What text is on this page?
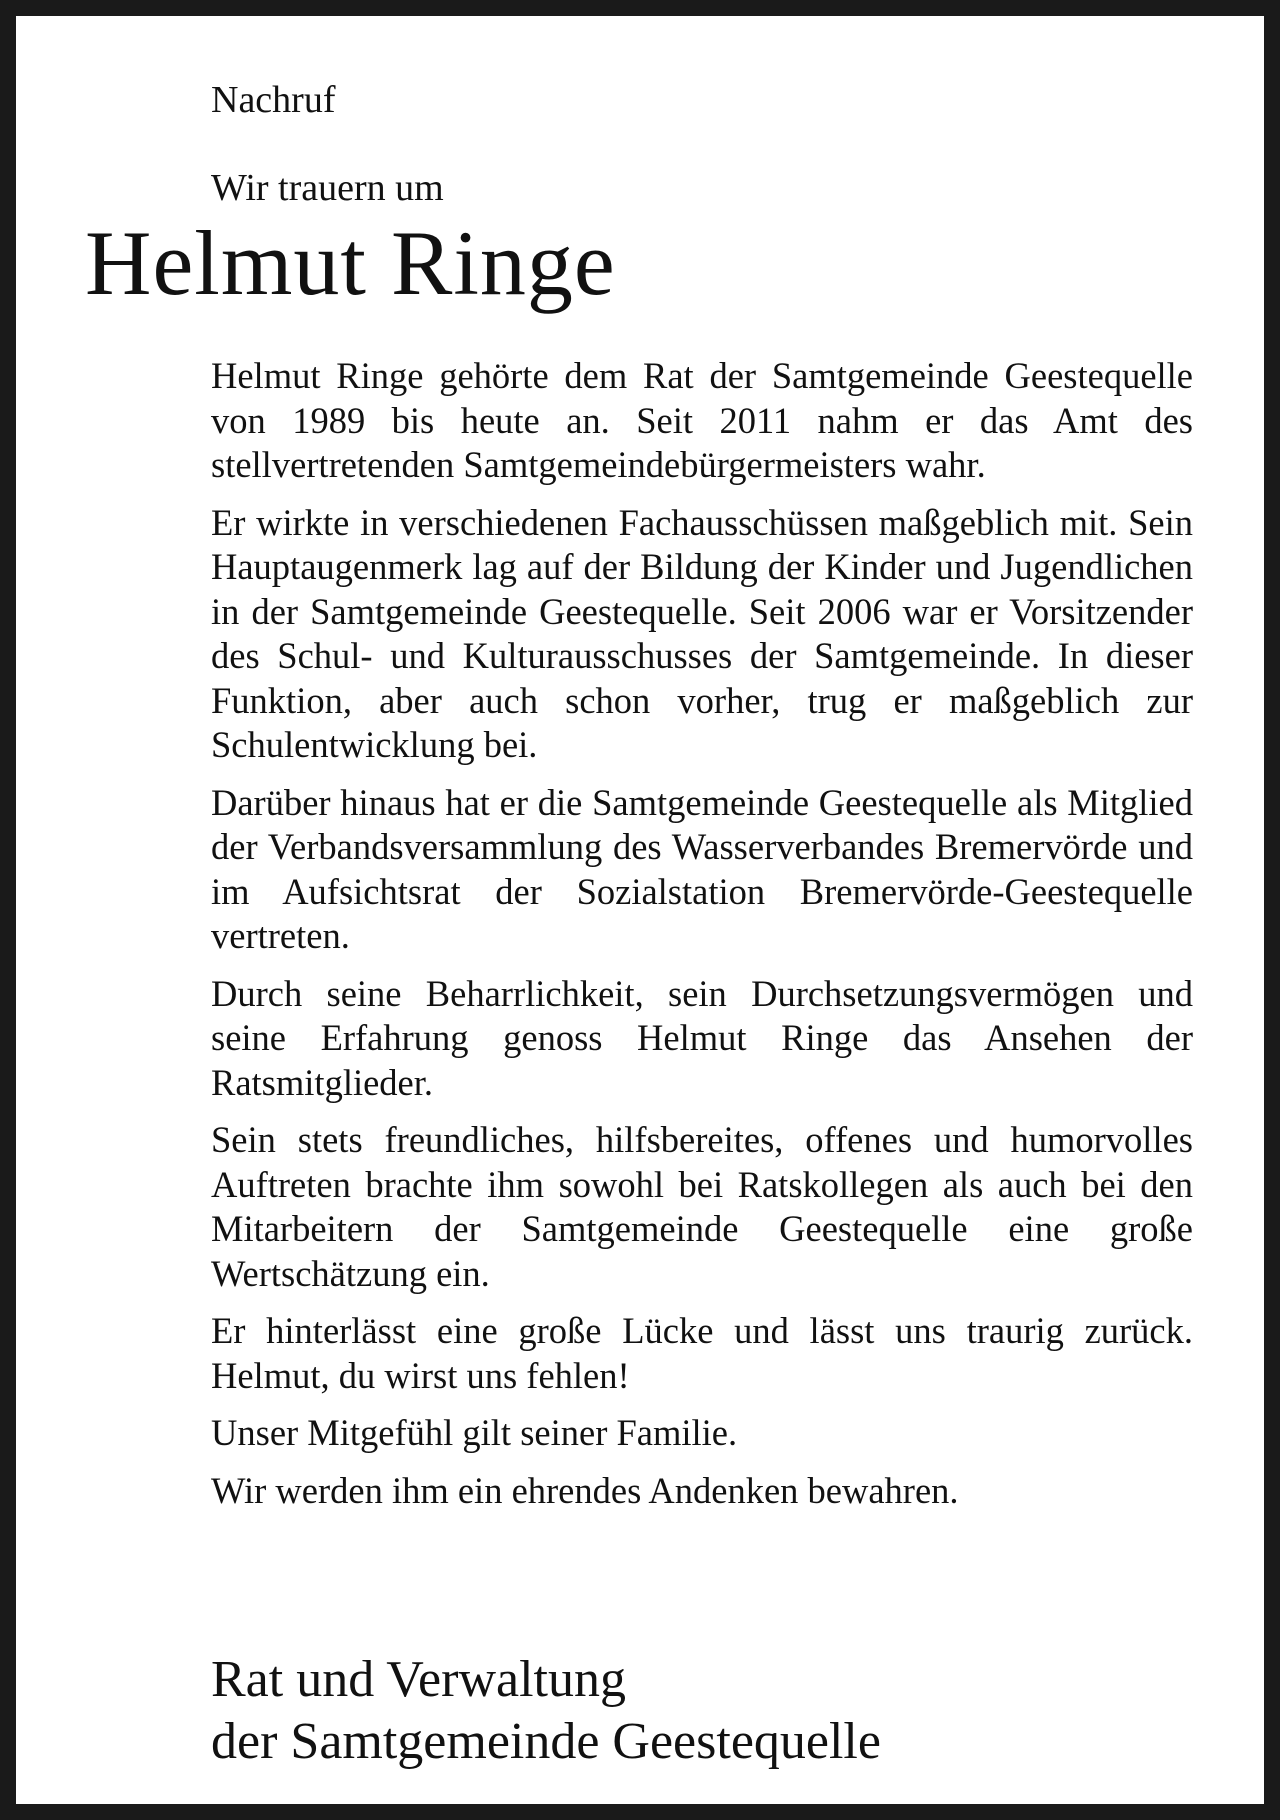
Nachruf
Wir trauern um
Helmut Ringe

Helmut Ringe gehörte dem Rat der Samtgemeinde Geestequelle von 1989 bis heute an. Seit 2011 nahm er das Amt des stellvertretenden Samtgemeindebürgermeisters wahr.

Er wirkte in verschiedenen Fachausschüssen maßgeblich mit. Sein Hauptaugenmerk lag auf der Bildung der Kinder und Jugendlichen in der Samtgemeinde Geestequelle. Seit 2006 war er Vorsitzender des Schul- und Kulturausschusses der Samtgemeinde. In dieser Funktion, aber auch schon vorher, trug er maßgeblich zur Schulentwicklung bei.

Darüber hinaus hat er die Samtgemeinde Geestequelle als Mitglied der Verbandsversammlung des Wasserverbandes Bremervörde und im Aufsichtsrat der Sozialstation Bremervörde-Geestequelle vertreten.

Durch seine Beharrlichkeit, sein Durchsetzungsvermögen und seine Erfahrung genoss Helmut Ringe das Ansehen der Ratsmitglieder.

Sein stets freundliches, hilfsbereites, offenes und humorvolles Auftreten brachte ihm sowohl bei Ratskollegen als auch bei den Mitarbeitern der Samtgemeinde Geestequelle eine große Wertschätzung ein.

Er hinterlässt eine große Lücke und lässt uns traurig zurück. Helmut, du wirst uns fehlen!

Unser Mitgefühl gilt seiner Familie.

Wir werden ihm ein ehrendes Andenken bewahren.

Rat und Verwaltung
der Samtgemeinde Geestequelle
